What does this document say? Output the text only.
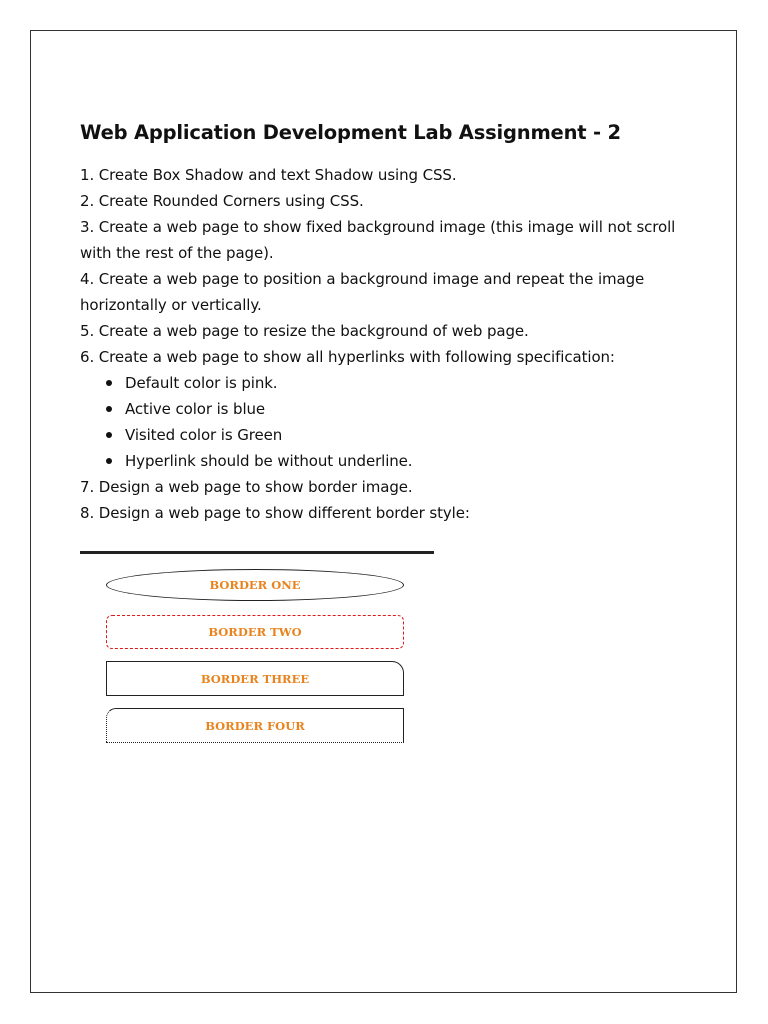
Web Application Development Lab Assignment - 2
1. Create Box Shadow and text Shadow using CSS.
2. Create Rounded Corners using CSS.
3. Create a web page to show fixed background image (this image will not scroll with the rest of the page).
4. Create a web page to position a background image and repeat the image horizontally or vertically.
5. Create a web page to resize the background of web page.
6. Create a web page to show all hyperlinks with following specification:
Default color is pink.
Active color is blue
Visited color is Green
Hyperlink should be without underline.
7. Design a web page to show border image.
8. Design a web page to show different border style:
BORDER ONE
BORDER TWO
BORDER THREE
BORDER FOUR
